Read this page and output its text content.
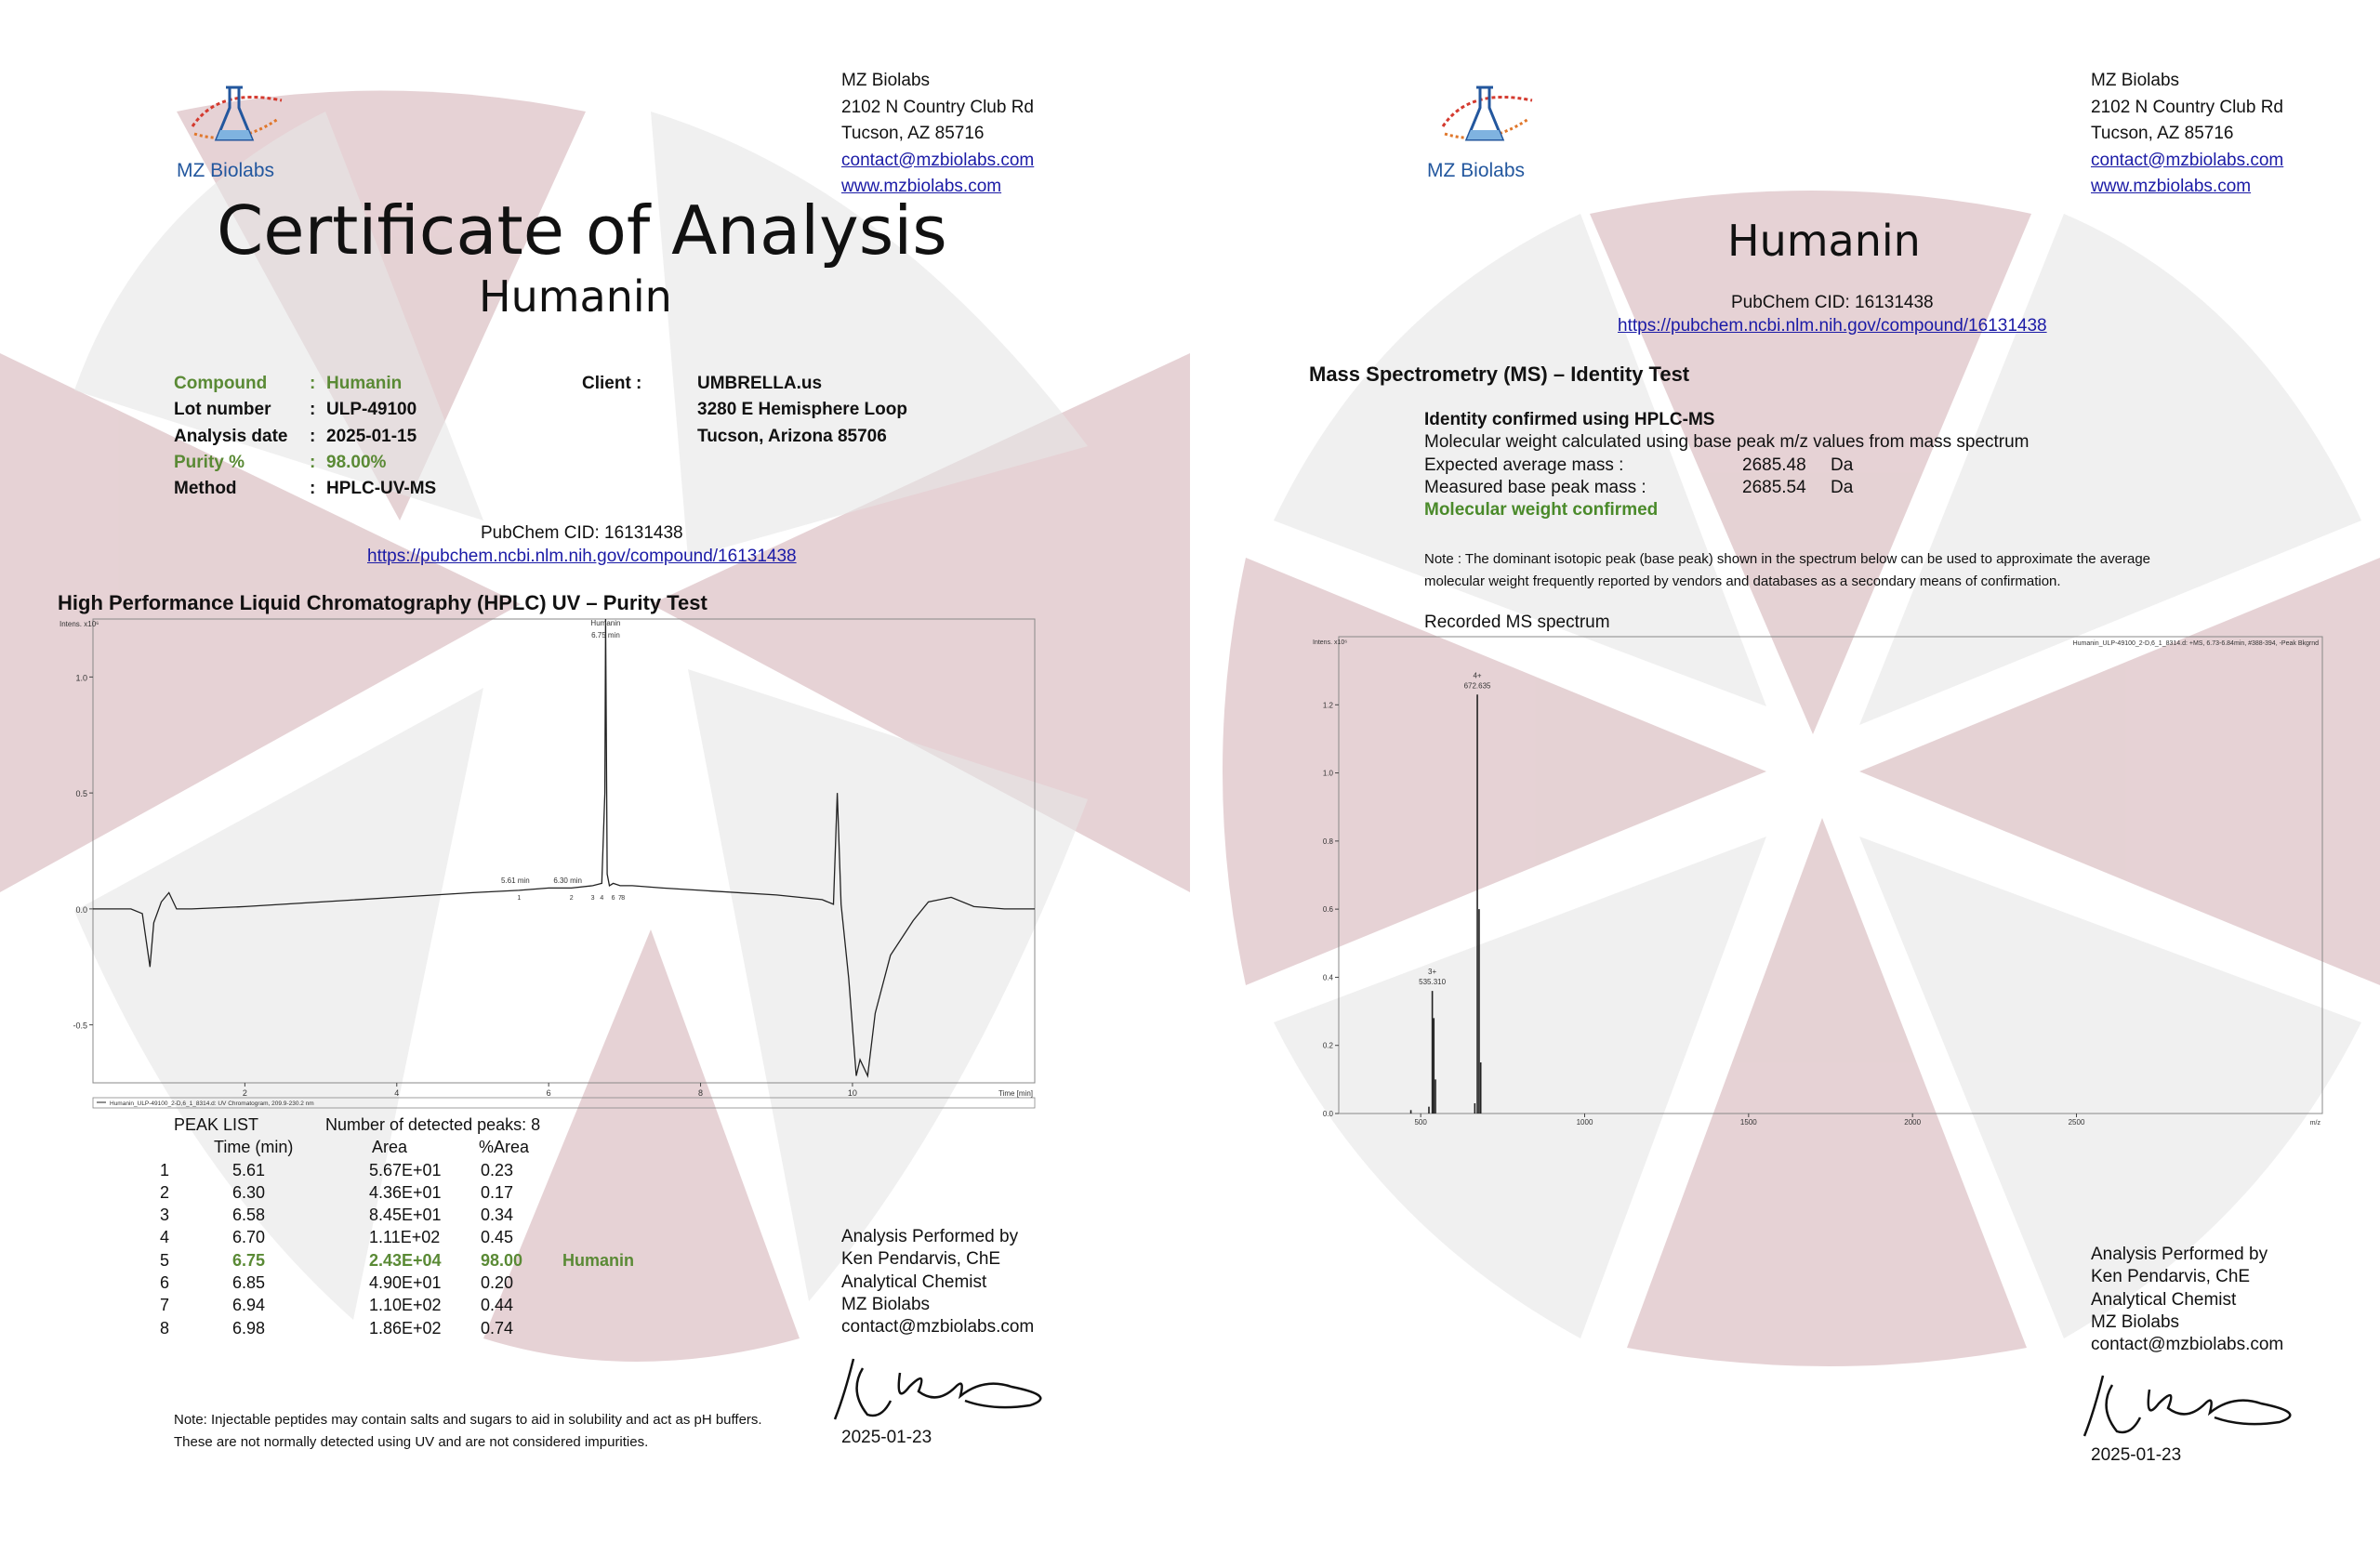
MZ Biolabs
MZ Biolabs
2102 N Country Club Rd
Tucson, AZ 85716
contact@mzbiolabs.com
www.mzbiolabs.com
Certificate of Analysis
Humanin
Compound	: Humanin
Lot number	: ULP-49100
Analysis date	: 2025-01-15
Purity %	: 98.00%
Method	: HPLC-UV-MS
Client :	UMBRELLA.us
3280 E Hemisphere Loop
Tucson, Arizona 85706
PubChem CID: 16131438
https://pubchem.ncbi.nlm.nih.gov/compound/16131438
High Performance Liquid Chromatography (HPLC) UV – Purity Test
-0.5
0.0
0.5
1.0
2	4	6	8	10
Intens. x10⁶
Time [min]
Humanin
6.75 min
5.61 min	6.30 min
1	2	3 4 6 7 8
Humanin_ULP-49100_2-D,6_1_8314.d: UV Chromatogram, 209.9-230.2 nm
PEAK LIST	Number of detected peaks: 8
	Time (min)	Area	%Area	
1	5.61	5.67E+01	0.23	
2	6.30	4.36E+01	0.17	
3	6.58	8.45E+01	0.34	
4	6.70	1.11E+02	0.45	
5	6.75	2.43E+04	98.00	Humanin
6	6.85	4.90E+01	0.20	
7	6.94	1.10E+02	0.44	
8	6.98	1.86E+02	0.74	
Analysis Performed by
Ken Pendarvis, ChE
Analytical Chemist
MZ Biolabs
contact@mzbiolabs.com
2025-01-23
Note: Injectable peptides may contain salts and sugars to aid in solubility and act as pH buffers.
These are not normally detected using UV and are not considered impurities.
MZ Biolabs
MZ Biolabs
2102 N Country Club Rd
Tucson, AZ 85716
contact@mzbiolabs.com
www.mzbiolabs.com
Humanin
PubChem CID: 16131438
https://pubchem.ncbi.nlm.nih.gov/compound/16131438
Mass Spectrometry (MS) – Identity Test
Identity confirmed using HPLC-MS
Molecular weight calculated using base peak m/z values from mass spectrum
Expected average mass :	2685.48	Da
Measured base peak mass :	2685.54	Da
Molecular weight confirmed
Note : The dominant isotopic peak (base peak) shown in the spectrum below can be used to approximate the average
molecular weight frequently reported by vendors and databases as a secondary means of confirmation.
Recorded MS spectrum
0.0
0.2
0.4
0.6
0.8
1.0
1.2
500	1000	1500	2000	2500
Intens. x10⁶
m/z
Humanin_ULP-49100_2-D,6_1_8314.d: +MS, 6.73-6.84min, #388-394, -Peak Bkgrnd
3+
535.310
4+
672.635
Analysis Performed by
Ken Pendarvis, ChE
Analytical Chemist
MZ Biolabs
contact@mzbiolabs.com
2025-01-23
